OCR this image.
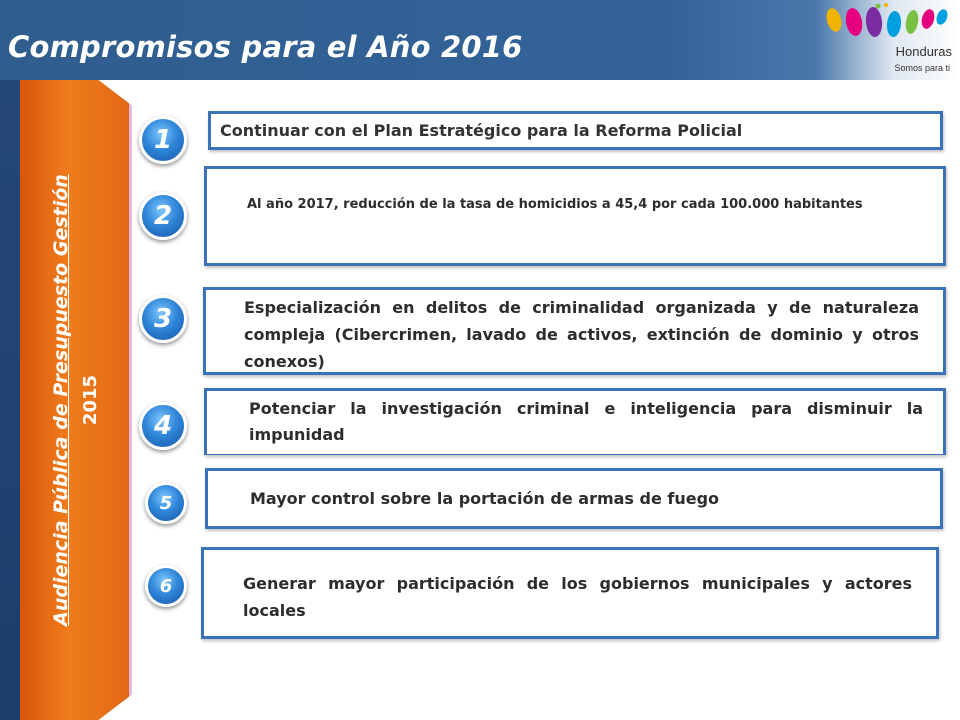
Compromisos para el Año 2016	Honduras
Somos para ti
Audiencia Pública de Presupuesto Gestión 2015
1	Continuar con el Plan Estratégico para la Reforma Policial
2	Al año 2017, reducción de la tasa de homicidios a 45,4 por cada 100.000 habitantes
3	Especialización en delitos de criminalidad organizada y de naturaleza compleja (Cibercrimen, lavado de activos, extinción de dominio y otros conexos)
4
Potenciar la investigación criminal e inteligencia para disminuir la impunidad
5	Mayor control sobre la portación de armas de fuego
6	Generar mayor participación de los gobiernos municipales y actores locales
